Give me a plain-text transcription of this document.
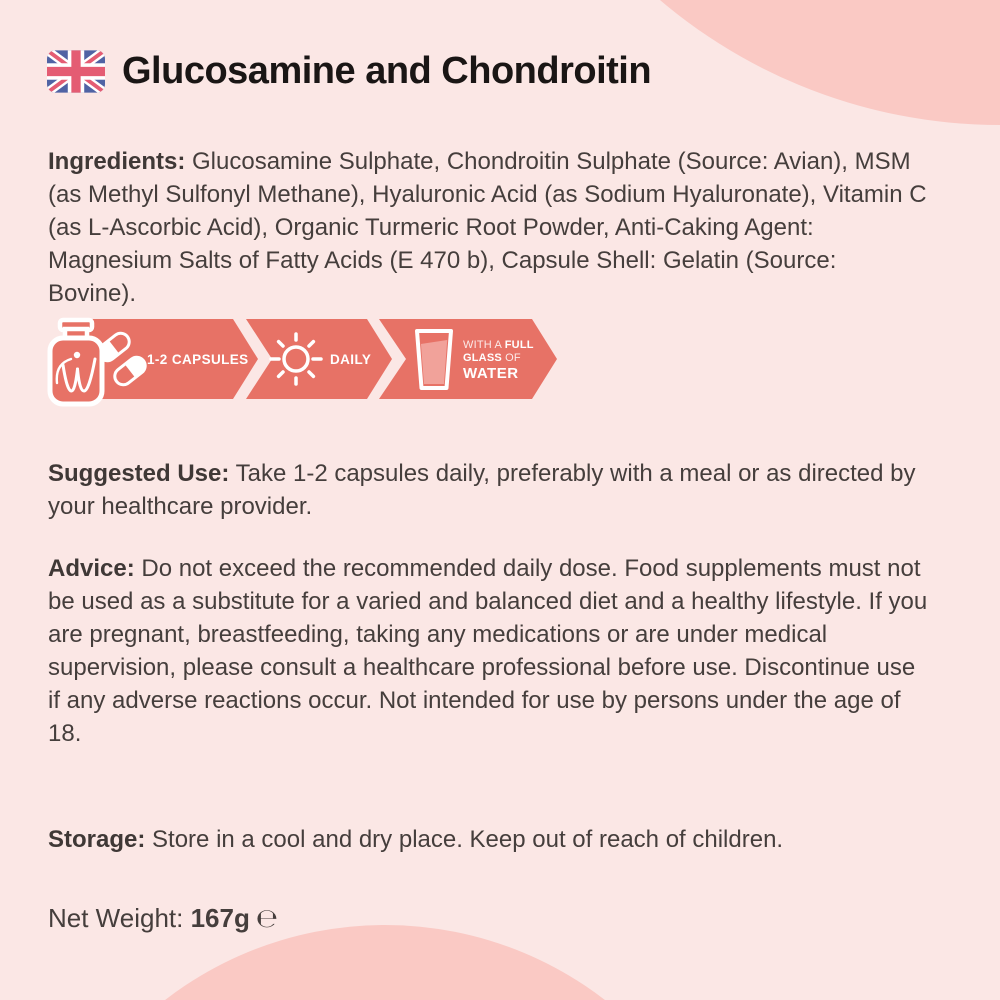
Glucosamine and Chondroitin

Ingredients: Glucosamine Sulphate, Chondroitin Sulphate (Source: Avian), MSM (as Methyl Sulfonyl Methane), Hyaluronic Acid (as Sodium Hyaluronate), Vitamin C (as L-Ascorbic Acid), Organic Turmeric Root Powder, Anti-Caking Agent: Magnesium Salts of Fatty Acids (E 470 b), Capsule Shell: Gelatin (Source: Bovine).

1-2 CAPSULES	DAILY
WITH A FULL
GLASS OF
WATER

Suggested Use: Take 1-2 capsules daily, preferably with a meal or as directed by your healthcare provider.

Advice: Do not exceed the recommended daily dose. Food supplements must not be used as a substitute for a varied and balanced diet and a healthy lifestyle. If you are pregnant, breastfeeding, taking any medications or are under medical supervision, please consult a healthcare professional before use. Discontinue use if any adverse reactions occur. Not intended for use by persons under the age of 18.

Storage: Store in a cool and dry place. Keep out of reach of children.

Net Weight: 167g ℮
